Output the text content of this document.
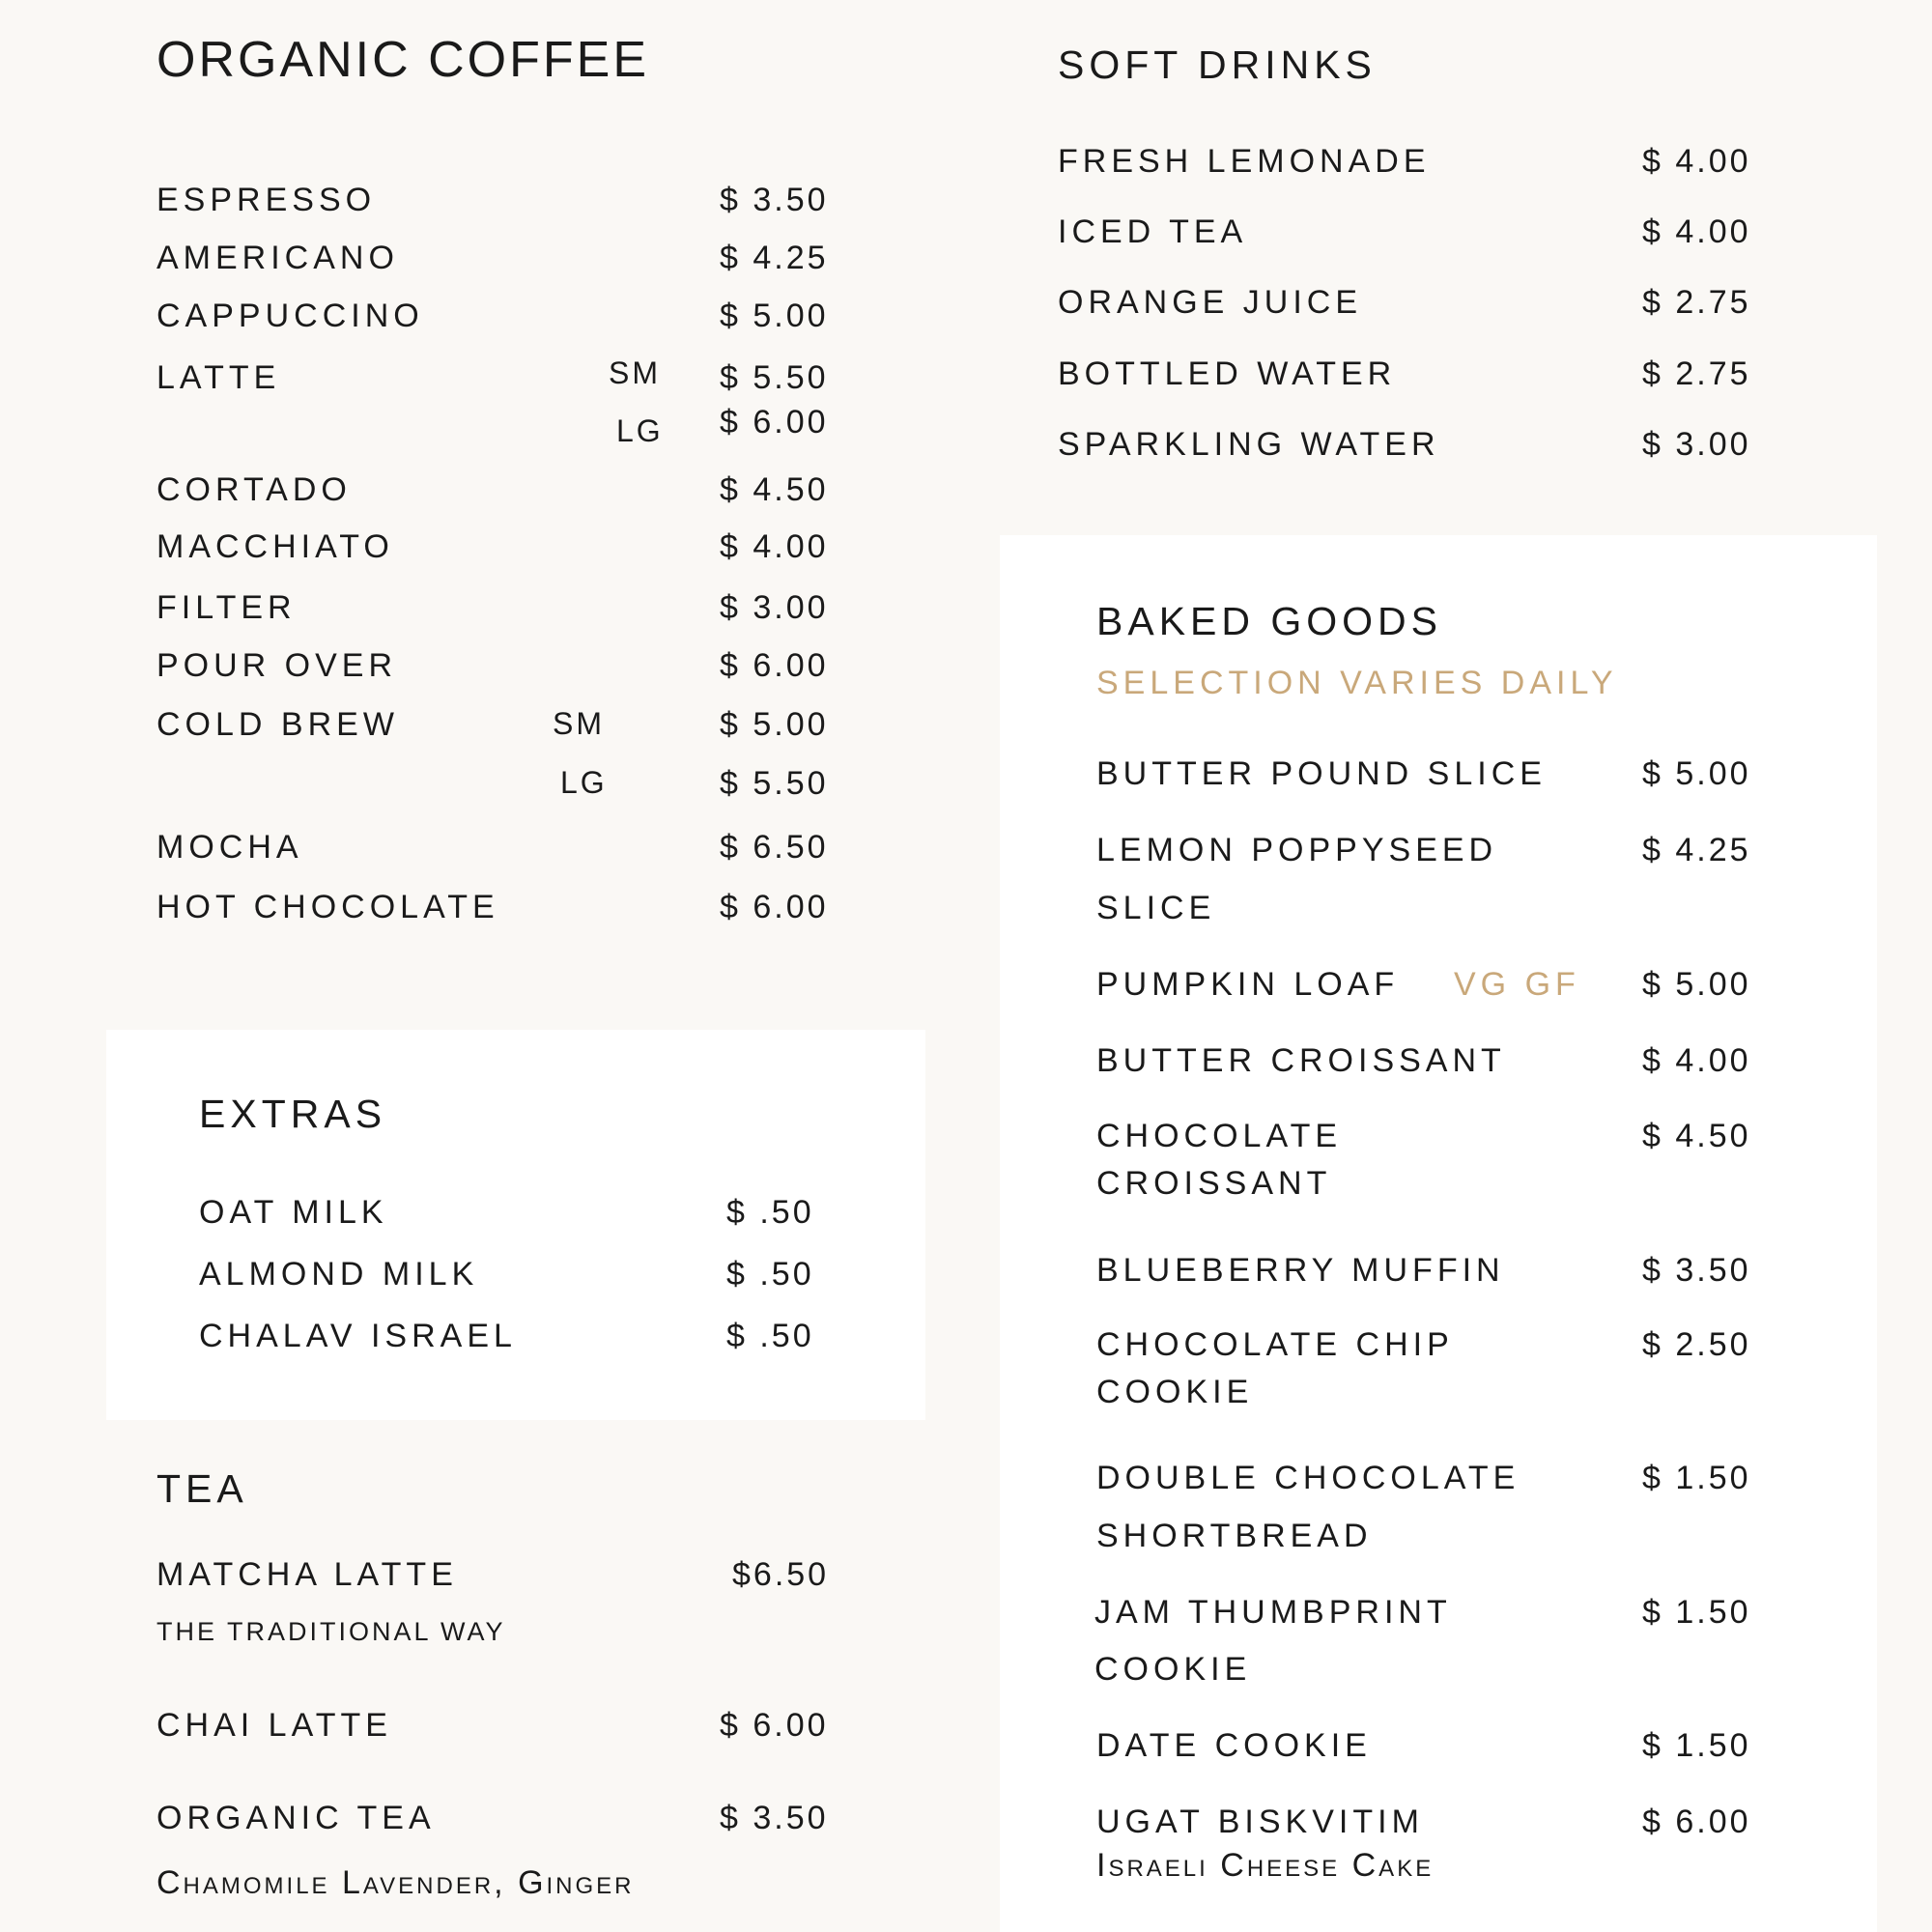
ORGANIC COFFEE
ESPRESSO	$ 3.50
AMERICANO	$ 4.25
CAPPUCCINO	$ 5.00
LATTE	SM $ 5.50
LG $ 6.00
CORTADO	$ 4.50
MACCHIATO	$ 4.00
FILTER	$ 3.00
POUR OVER	$ 6.00
COLD BREW	SM	$ 5.00
LG	$ 5.50
MOCHA	$ 6.50
HOT CHOCOLATE	$ 6.00
EXTRAS
OAT MILK	$ .50
ALMOND MILK	$ .50
CHALAV ISRAEL	$ .50
TEA
MATCHA LATTE	$6.50
THE TRADITIONAL WAY
CHAI LATTE	$ 6.00
ORGANIC TEA	$ 3.50
Chamomile Lavender, Ginger
SOFT DRINKS
FRESH LEMONADE	$ 4.00
ICED TEA	$ 4.00
ORANGE JUICE	$ 2.75
BOTTLED WATER	$ 2.75
SPARKLING WATER	$ 3.00
BAKED GOODS
SELECTION VARIES DAILY
BUTTER POUND SLICE	$ 5.00
LEMON POPPYSEED
SLICE
$ 4.25
PUMPKIN LOAF VG GF $ 5.00
BUTTER CROISSANT	$ 4.00
CHOCOLATE
CROISSANT
$ 4.50
BLUEBERRY MUFFIN	$ 3.50
CHOCOLATE CHIP
COOKIE
$ 2.50
DOUBLE CHOCOLATE
SHORTBREAD
$ 1.50
JAM THUMBPRINT
COOKIE
$ 1.50
DATE COOKIE	$ 1.50
UGAT BISKVITIM
Israeli Cheese Cake
$ 6.00
